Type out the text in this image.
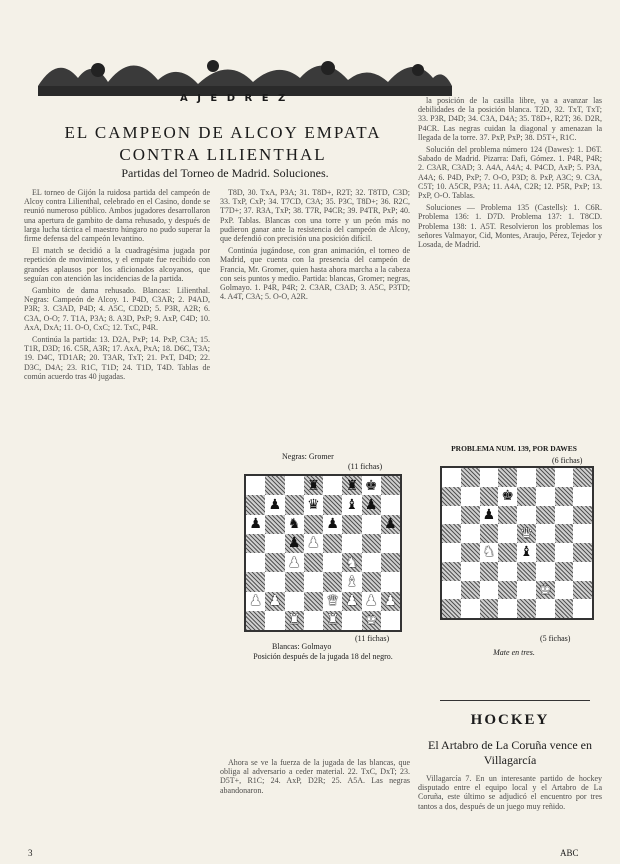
A J E D R E Z
EL CAMPEON DE ALCOY EMPATA CONTRA LILIENTHAL
Partidas del Torneo de Madrid. Soluciones.

EL torneo de Gijón la ruidosa partida del campeón de Alcoy contra Lilienthal, celebrado en el Casino, donde se reunió numeroso público. Ambos jugadores desarrollaron una apertura de gambito de dama rehusado, y después de larga lucha táctica el maestro húngaro no pudo superar la firme defensa del campeón levantino.

El match se decidió a la cuadragésima jugada por repetición de movimientos, y el empate fue recibido con grandes aplausos por los aficionados alcoyanos, que seguían con atención las incidencias de la partida.

Gambito de dama rehusado. Blancas: Lilienthal. Negras: Campeón de Alcoy. 1. P4D, C3AR; 2. P4AD, P3R; 3. C3AD, P4D; 4. A5C, CD2D; 5. P3R, A2R; 6. C3A, O-O; 7. T1A, P3A; 8. A3D, PxP; 9. AxP, C4D; 10. AxA, DxA; 11. O-O, CxC; 12. TxC, P4R.

Continúa la partida: 13. D2A, PxP; 14. PxP, C3A; 15. T1R, D3D; 16. C5R, A3R; 17. AxA, PxA; 18. D6C, T3A; 19. D4C, TD1AR; 20. T3AR, TxT; 21. PxT, D4D; 22. D3C, D4A; 23. R1C, T1D; 24. T1D, T4D. Tablas de común acuerdo tras 40 jugadas.

T8D, 30. TxA, P3A; 31. T8D+, R2T; 32. T8TD, C3D; 33. TxP, CxP; 34. T7CD, C3A; 35. P3C, T8D+; 36. R2C, T7D+; 37. R3A, TxP; 38. T7R, P4CR; 39. P4TR, PxP; 40. PxP. Tablas. Blancas con una torre y un peón más no pudieron ganar ante la resistencia del campeón de Alcoy, que defendió con precisión una posición difícil.

Continúa jugándose, con gran animación, el torneo de Madrid, que cuenta con la presencia del campeón de Francia, Mr. Gromer, quien hasta ahora marcha a la cabeza con seis puntos y medio. Partida: blancas, Gromer; negras, Golmayo. 1. P4R, P4R; 2. C3AR, C3AD; 3. A5C, P3TD; 4. A4T, C3A; 5. O-O, A2R.

Negras: Gromer
(11 fichas)
♜ ♜ ♚
♟ ♛ ♝ ♟
♟ ♞ ♟	♟
♟ ♟
♟	♞
♝
♟ ♟	♛ ♟ ♟ ♟
♜ ♜ ♚
(11 fichas)
Blancas: Golmayo
Posición después de la jugada 18 del negro.

Ahora se ve la fuerza de la jugada de las blancas, que obliga al adversario a ceder material. 22. TxC, DxT; 23. D5T+, R1C; 24. AxP, D2R; 25. A5A. Las negras abandonaron.

la posición de la casilla libre, ya a avanzar las debilidades de la posición blanca. T2D, 32. TxT, TxT; 33. P3R, D4D; 34. C3A, D4A; 35. T8D+, R2T; 36. D2R, P4CR. Las negras cuidan la diagonal y amenazan la llegada de la torre. 37. PxP, PxP; 38. D5T+, R1C.

Solución del problema número 124 (Dawes): 1. D6T. Sabado de Madrid. Pizarra: Dafi, Gómez. 1. P4R, P4R; 2. C3AR, C3AD; 3. A4A, A4A; 4. P4CD, AxP; 5. P3A, A4A; 6. P4D, PxP; 7. O-O, P3D; 8. PxP, A3C; 9. C3A, C5T; 10. A5CR, P3A; 11. A4A, C2R; 12. P5R, PxP; 13. PxP, O-O. Tablas.

Soluciones — Problema 135 (Castells): 1. C6R. Problema 136: 1. D7D. Problema 137: 1. T8CD. Problema 138: 1. A5T. Resolvieron los problemas los señores Valmayor, Cid, Montes, Araujo, Pérez, Tejedor y Losada, de Madrid.

PROBLEMA NUM. 139, POR DAWES
(6 fichas)
♚
♟
♛
♞ ♝
♚
(5 fichas)
Mate en tres.
HOCKEY
El Artabro de La Coruña vence en Villagarcía

Villagarcía 7. En un interesante partido de hockey disputado entre el equipo local y el Artabro de La Coruña, este último se adjudicó el encuentro por tres tantos a dos, después de un juego muy reñido.

3	ABC
